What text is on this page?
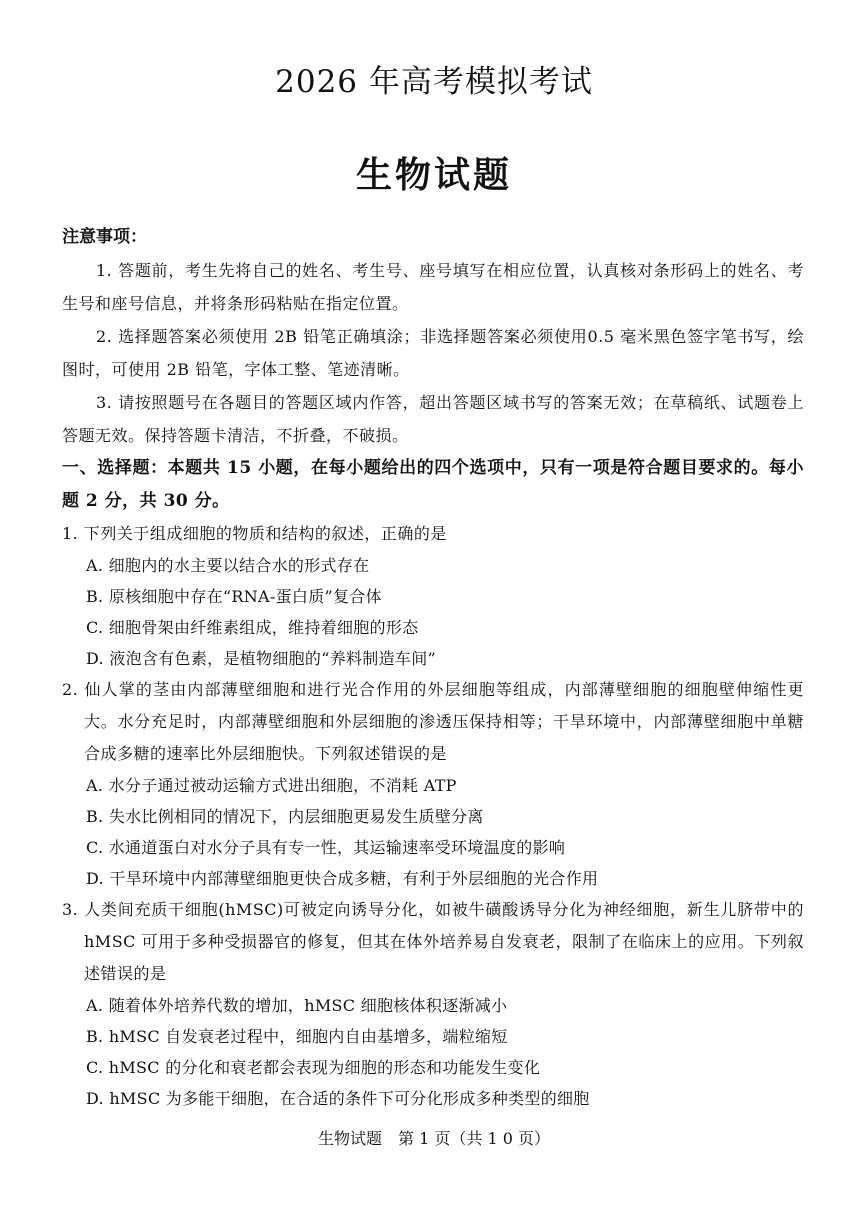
2026 年高考模拟考试
生物试题

注意事项：

1. 答题前，考生先将自己的姓名、考生号、座号填写在相应位置，认真核对条形码上的姓名、考生号和座号信息，并将条形码粘贴在指定位置。

2. 选择题答案必须使用 2B 铅笔正确填涂；非选择题答案必须使用0.5 毫米黑色签字笔书写，绘图时，可使用 2B 铅笔，字体工整、笔迹清晰。

3. 请按照题号在各题目的答题区域内作答，超出答题区域书写的答案无效；在草稿纸、试题卷上答题无效。保持答题卡清洁，不折叠，不破损。

一、选择题：本题共 15 小题，在每小题给出的四个选项中，只有一项是符合题目要求的。每小题 2 分，共 30 分。

1. 下列关于组成细胞的物质和结构的叙述，正确的是

A. 细胞内的水主要以结合水的形式存在

B. 原核细胞中存在“RNA-蛋白质”复合体

C. 细胞骨架由纤维素组成，维持着细胞的形态

D. 液泡含有色素，是植物细胞的“养料制造车间”

2. 仙人掌的茎由内部薄壁细胞和进行光合作用的外层细胞等组成，内部薄壁细胞的细胞壁伸缩性更大。水分充足时，内部薄壁细胞和外层细胞的渗透压保持相等；干旱环境中，内部薄壁细胞中单糖合成多糖的速率比外层细胞快。下列叙述错误的是

A. 水分子通过被动运输方式进出细胞，不消耗 ATP

B. 失水比例相同的情况下，内层细胞更易发生质壁分离

C. 水通道蛋白对水分子具有专一性，其运输速率受环境温度的影响

D. 干旱环境中内部薄壁细胞更快合成多糖，有利于外层细胞的光合作用

3. 人类间充质干细胞(hMSC)可被定向诱导分化，如被牛磺酸诱导分化为神经细胞，新生儿脐带中的 hMSC 可用于多种受损器官的修复，但其在体外培养易自发衰老，限制了在临床上的应用。下列叙述错误的是

A. 随着体外培养代数的增加，hMSC 细胞核体积逐渐减小

B. hMSC 自发衰老过程中，细胞内自由基增多，端粒缩短

C. hMSC 的分化和衰老都会表现为细胞的形态和功能发生变化

D. hMSC 为多能干细胞，在合适的条件下可分化形成多种类型的细胞

生物试题　第 1 页（共 1 0 页）
